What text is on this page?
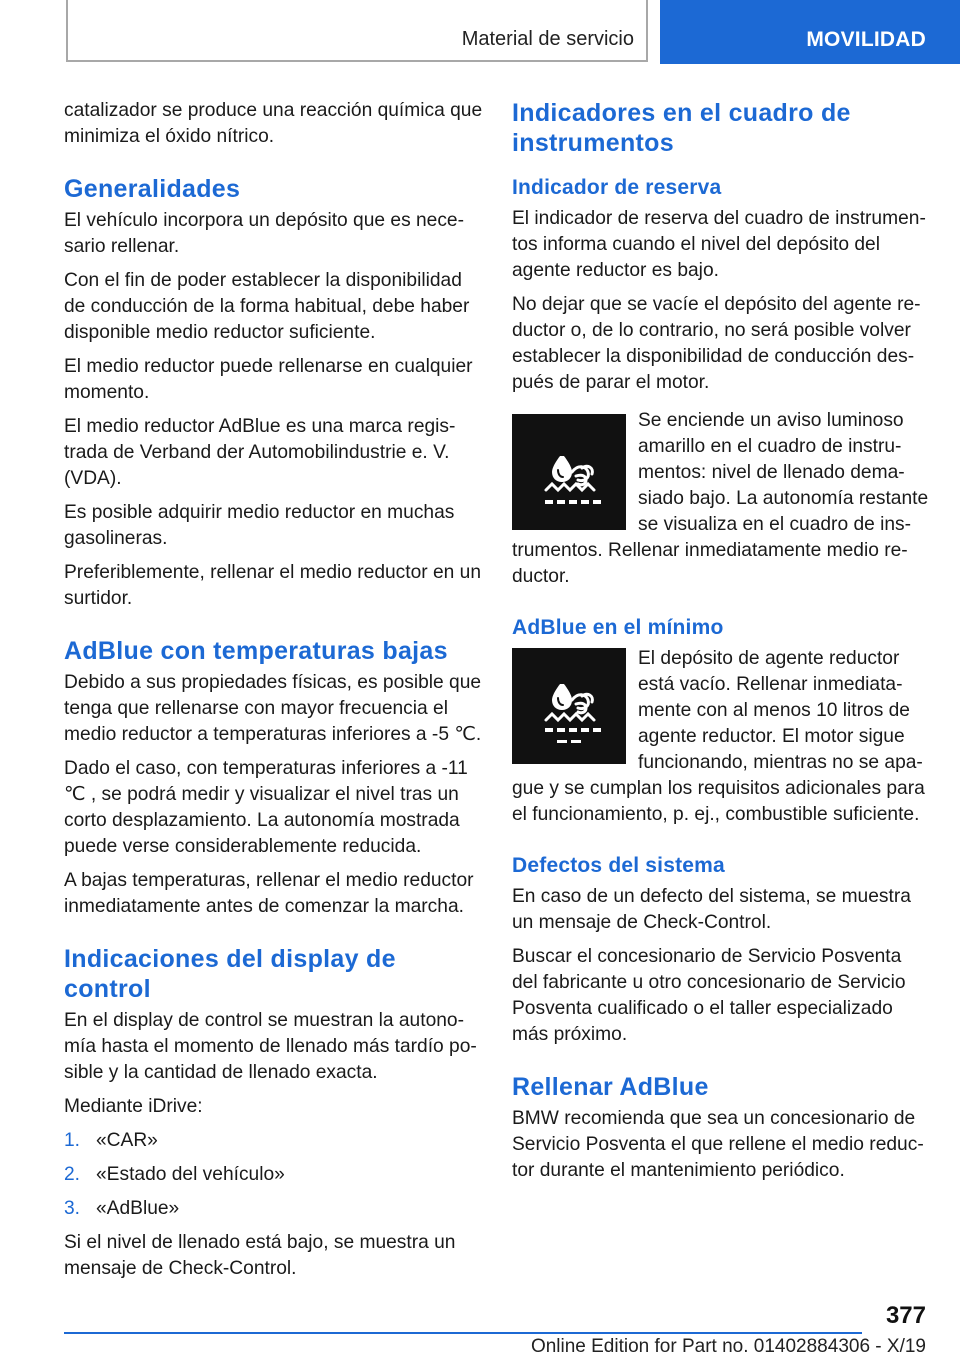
Material de servicio	MOVILIDAD

catalizador se produce una reacción química que minimiza el óxido nítrico.

Generalidades

El vehículo incorpora un depósito que es necesario rellenar.

Con el fin de poder establecer la disponibilidad de conducción de la forma habitual, debe haber disponible medio reductor suficiente.

El medio reductor puede rellenarse en cualquier momento.

El medio reductor AdBlue es una marca registrada de Verband der Automobilindustrie e. V. (VDA).

Es posible adquirir medio reductor en muchas gasolineras.

Preferiblemente, rellenar el medio reductor en un surtidor.

AdBlue con temperaturas bajas

Debido a sus propiedades físicas, es posible que tenga que rellenarse con mayor frecuencia el medio reductor a temperaturas inferiores a -5 ℃.

Dado el caso, con temperaturas inferiores a -11 ℃ , se podrá medir y visualizar el nivel tras un corto desplazamiento. La autonomía mostrada puede verse considerablemente reducida.

A bajas temperaturas, rellenar el medio reductor inmediatamente antes de comenzar la marcha.

Indicaciones del display de control

En el display de control se muestran la autonomía hasta el momento de llenado más tardío posible y la cantidad de llenado exacta.

Mediante iDrive:

1. «CAR»
2. «Estado del vehículo»
3. «AdBlue»

Si el nivel de llenado está bajo, se muestra un mensaje de Check-Control.

Indicadores en el cuadro de instrumentos
Indicador de reserva

El indicador de reserva del cuadro de instrumentos informa cuando el nivel del depósito del agente reductor es bajo.

No dejar que se vacíe el depósito del agente reductor o, de lo contrario, no será posible volver establecer la disponibilidad de conducción después de parar el motor.

Se enciende un aviso luminoso amarillo en el cuadro de instrumentos: nivel de llenado demasiado bajo. La autonomía restante se visualiza en el cuadro de instrumentos. Rellenar inmediatamente medio reductor.

AdBlue en el mínimo

El depósito de agente reductor está vacío. Rellenar inmediatamente con al menos 10 litros de agente reductor. El motor sigue funcionando, mientras no se apague y se cumplan los requisitos adicionales para el funcionamiento, p. ej., combustible suficiente.

Defectos del sistema

En caso de un defecto del sistema, se muestra un mensaje de Check-Control.

Buscar el concesionario de Servicio Posventa del fabricante u otro concesionario de Servicio Posventa cualificado o el taller especializado más próximo.

Rellenar AdBlue

BMW recomienda que sea un concesionario de Servicio Posventa el que rellene el medio reductor durante el mantenimiento periódico.

377
Online Edition for Part no. 01402884306 - X/19
